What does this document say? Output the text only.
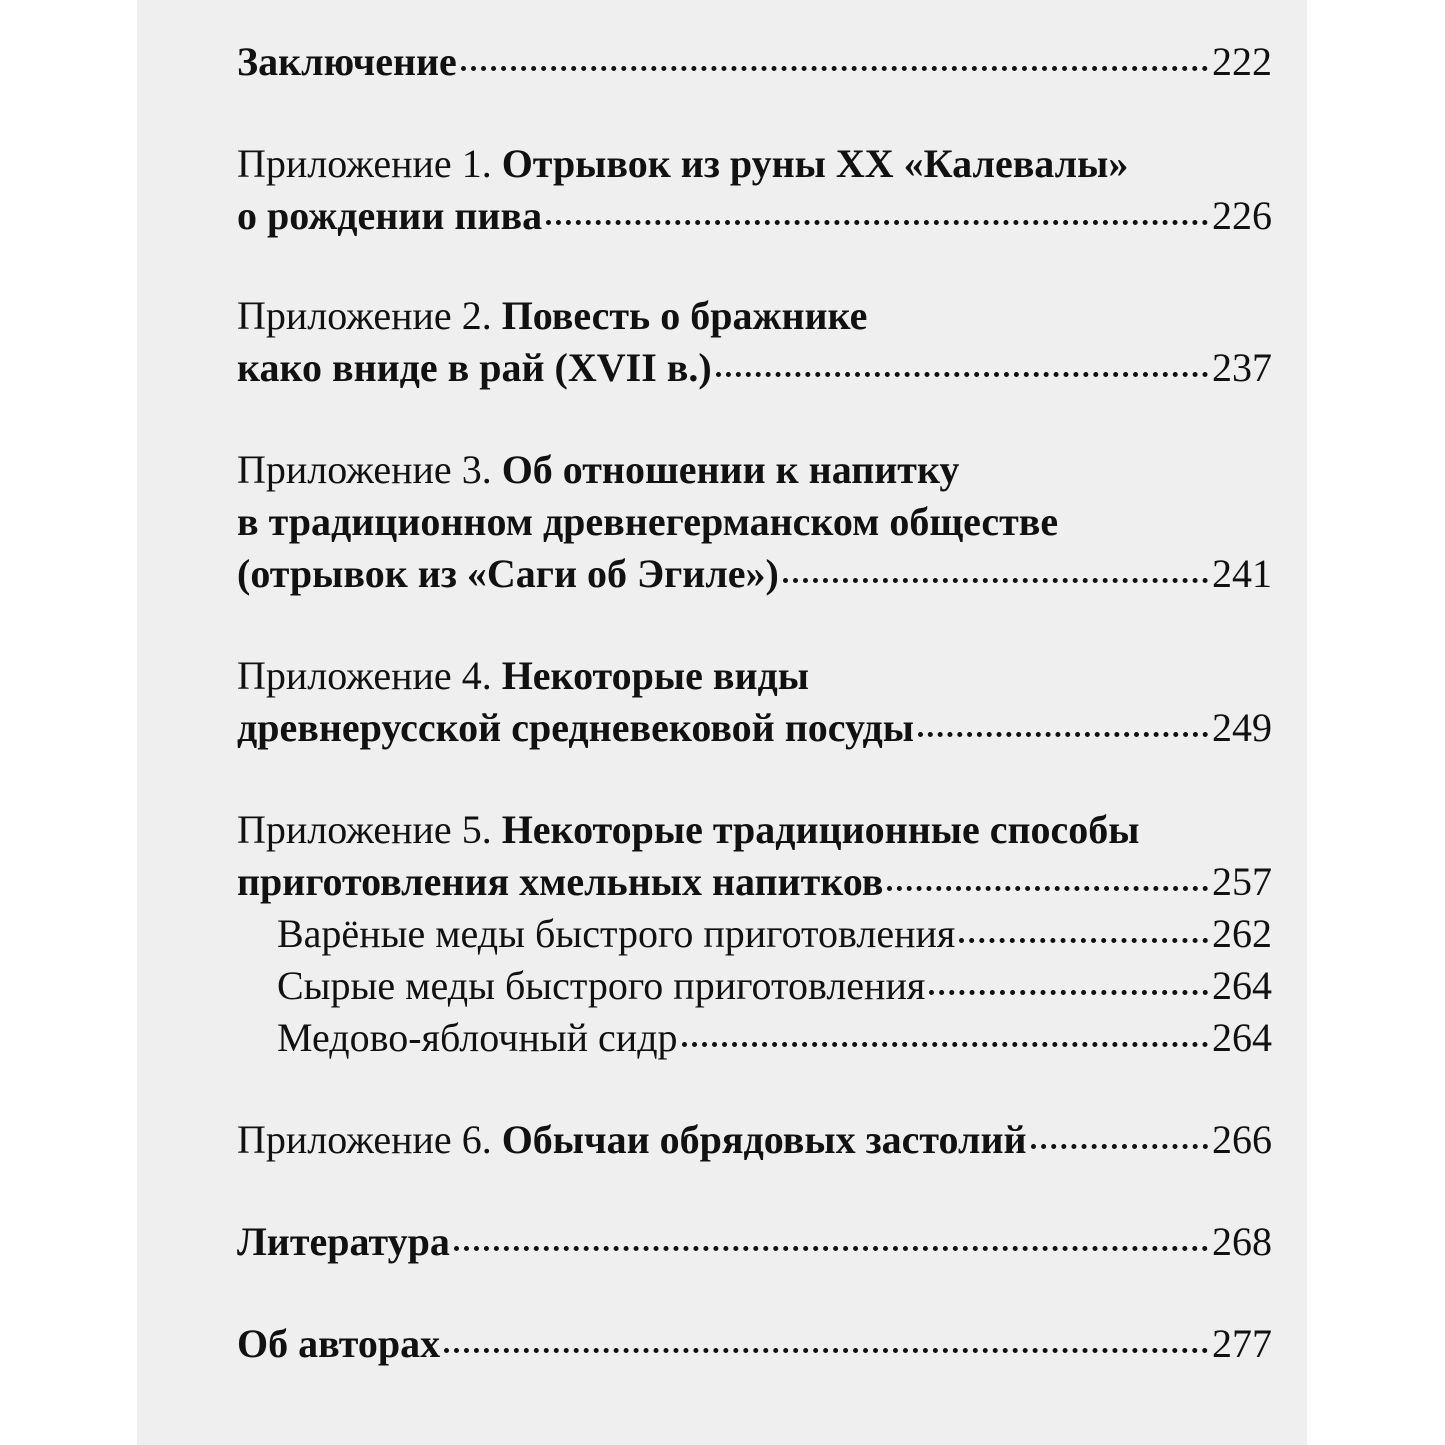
Заключение	222
Приложение 1.
Отрывок из руны XX «Калевалы»
о рождении пива	226
Приложение 2.
Повесть о бражнике
како вниде в рай (XVII в.)	237
Приложение 3.
Об отношении к напитку
в традиционном древнегерманском обществе
(отрывок из «Саги об Эгиле»)	241
Приложение 4.
Некоторые виды
древнерусской средневековой посуды	249
Приложение 5.
Некоторые традиционные способы
приготовления хмельных напитков	257
Варёные меды быстрого приготовления	262
Сырые меды быстрого приготовления	264
Медово-яблочный сидр	264
Приложение 6.
Обычаи обрядовых застолий	266
Литература	268
Об авторах	277
